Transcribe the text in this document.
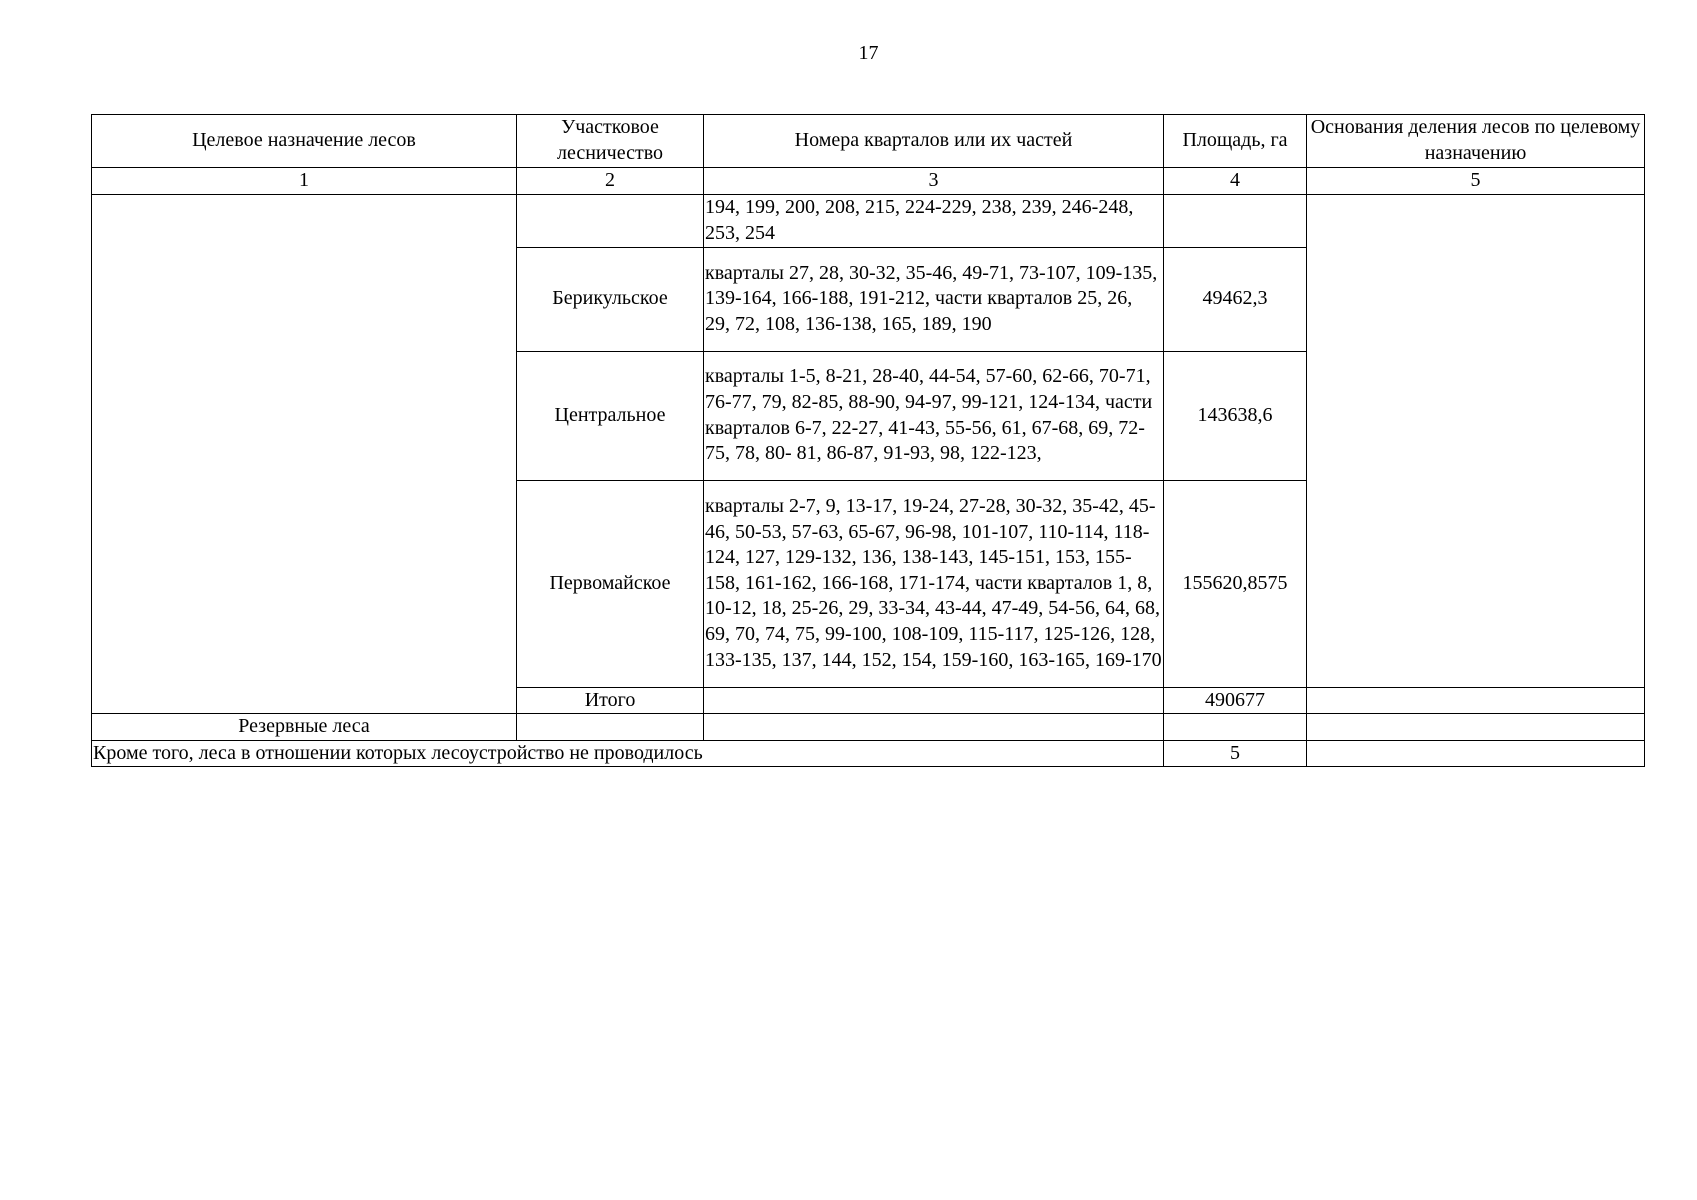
17
Целевое назначение лесов	Участковое лесничество	Номера кварталов или их частей	Площадь, га	Основания деления лесов по целевому назначению
1	2	3	4	5
		194, 199, 200, 208, 215, 224-229, 238, 239, 246-248, 253, 254		
	Берикульское	кварталы 27, 28, 30-32, 35-46, 49-71, 73-107, 109-135, 139-164, 166-188, 191-212, части кварталов 25, 26, 29, 72, 108, 136-138, 165, 189, 190	49462,3	
	Центральное	кварталы 1-5, 8-21, 28-40, 44-54, 57-60, 62-66, 70-71, 76-77, 79, 82-85, 88-90, 94-97, 99-121, 124-134, части кварталов 6-7, 22-27, 41-43, 55-56, 61, 67-68, 69, 72-75, 78, 80- 81, 86-87, 91-93, 98, 122-123,	143638,6	
	Первомайское	кварталы 2-7, 9, 13-17, 19-24, 27-28, 30-32, 35-42, 45-46, 50-53, 57-63, 65-67, 96-98, 101-107, 110-114, 118-124, 127, 129-132, 136, 138-143, 145-151, 153, 155-158, 161-162, 166-168, 171-174, части кварталов 1, 8, 10-12, 18, 25-26, 29, 33-34, 43-44, 47-49, 54-56, 64, 68, 69, 70, 74, 75, 99-100, 108-109, 115-117, 125-126, 128, 133-135, 137, 144, 152, 154, 159-160, 163-165, 169-170	155620,8575	
	Итого		490677	
Резервные леса				
Кроме того, леса в отношении которых лесоустройство не проводилось			5	
